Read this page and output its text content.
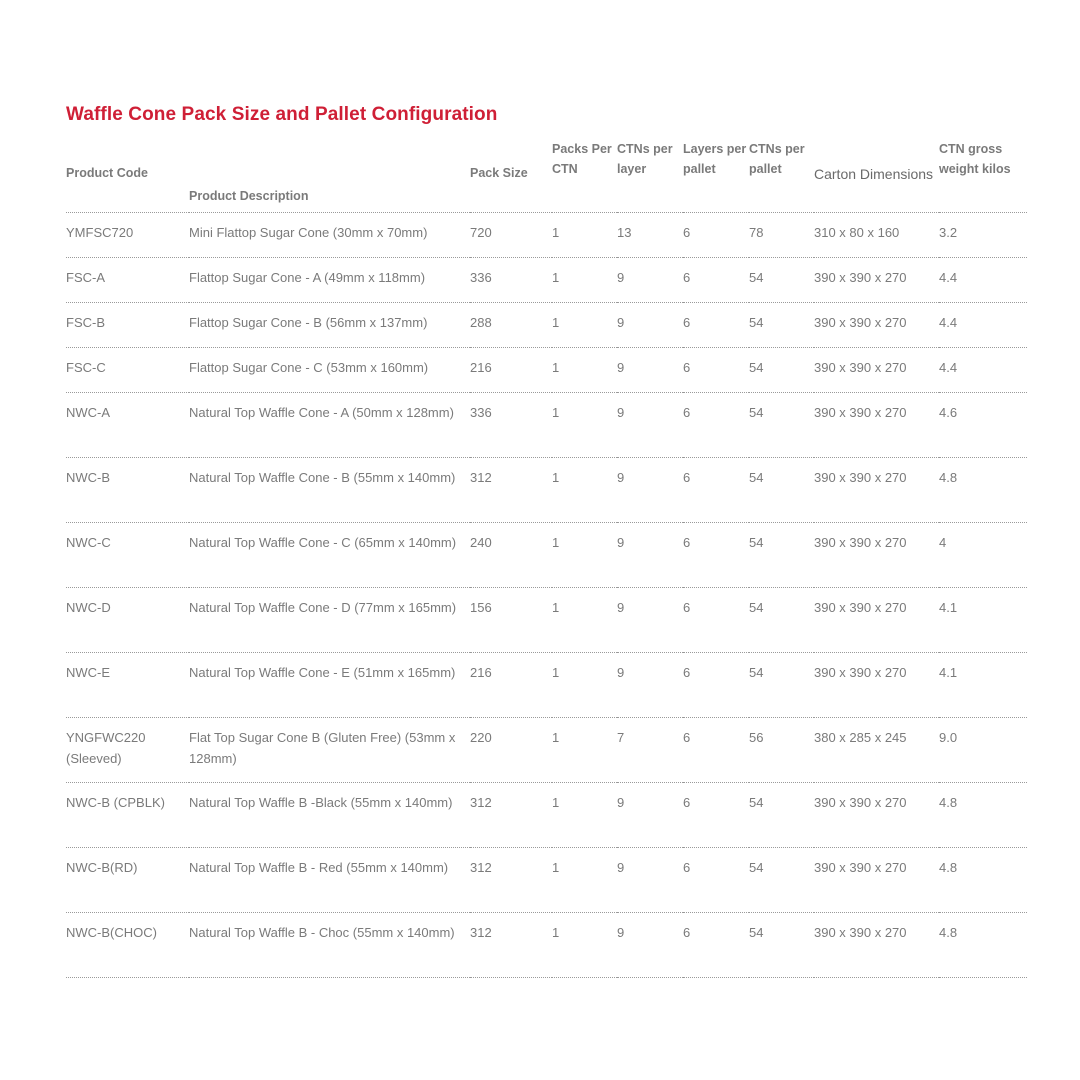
Waffle Cone Pack Size and Pallet Configuration
Product Code	Product Description	Pack Size	Packs Per CTN	CTNs per layer	Layers per pallet	CTNs per pallet	Carton Dimensions	CTN gross weight kilos
YMFSC720	Mini Flattop Sugar Cone (30mm x 70mm)	720	1	13	6	78	310 x 80 x 160	3.2
FSC-A	Flattop Sugar Cone - A (49mm x 118mm)	336	1	9	6	54	390 x 390 x 270	4.4
FSC-B	Flattop Sugar Cone - B (56mm x 137mm)	288	1	9	6	54	390 x 390 x 270	4.4
FSC-C	Flattop Sugar Cone - C (53mm x 160mm)	216	1	9	6	54	390 x 390 x 270	4.4
NWC-A	Natural Top Waffle Cone - A (50mm x 128mm)	336	1	9	6	54	390 x 390 x 270	4.6
NWC-B	Natural Top Waffle Cone - B (55mm x 140mm)	312	1	9	6	54	390 x 390 x 270	4.8
NWC-C	Natural Top Waffle Cone - C (65mm x 140mm)	240	1	9	6	54	390 x 390 x 270	4
NWC-D	Natural Top Waffle Cone - D (77mm x 165mm)	156	1	9	6	54	390 x 390 x 270	4.1
NWC-E	Natural Top Waffle Cone - E (51mm x 165mm)	216	1	9	6	54	390 x 390 x 270	4.1
YNGFWC220 (Sleeved)	Flat Top Sugar Cone B (Gluten Free) (53mm x 128mm)	220	1	7	6	56	380 x 285 x 245	9.0
NWC-B (CPBLK)	Natural Top Waffle B -Black (55mm x 140mm)	312	1	9	6	54	390 x 390 x 270	4.8
NWC-B(RD)	Natural Top Waffle B - Red (55mm x 140mm)	312	1	9	6	54	390 x 390 x 270	4.8
NWC-B(CHOC)	Natural Top Waffle B - Choc (55mm x 140mm)	312	1	9	6	54	390 x 390 x 270	4.8
